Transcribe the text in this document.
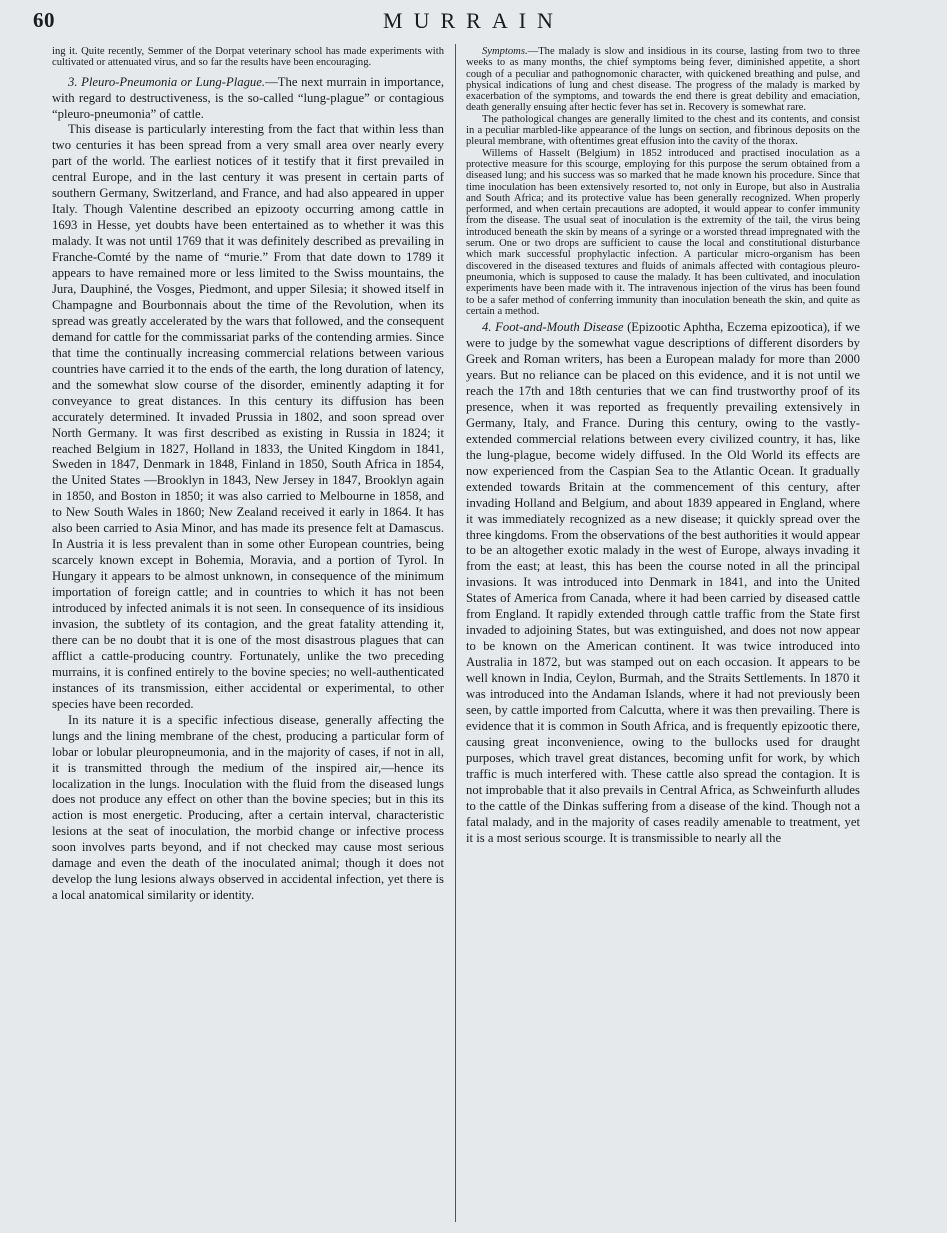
60	MURRAIN

ing it. Quite recently, Semmer of the Dorpat veterinary school has made experiments with cultivated or attenuated virus, and so far the results have been encouraging.

3. Pleuro-Pneumonia or Lung-Plague.—The next murrain in importance, with regard to destructiveness, is the so-called “lung-plague” or contagious “pleuro-pneumonia” of cattle.

This disease is particularly interesting from the fact that within less than two centuries it has been spread from a very small area over nearly every part of the world. The earliest notices of it testify that it first prevailed in central Europe, and in the last century it was present in certain parts of southern Germany, Switzerland, and France, and had also appeared in upper Italy. Though Valentine described an epizooty occurring among cattle in 1693 in Hesse, yet doubts have been entertained as to whether it was this malady. It was not until 1769 that it was definitely described as prevailing in Franche-Comté by the name of “murie.” From that date down to 1789 it appears to have remained more or less limited to the Swiss mountains, the Jura, Dauphiné, the Vosges, Piedmont, and upper Silesia; it showed itself in Champagne and Bourbonnais about the time of the Revolution, when its spread was greatly accelerated by the wars that followed, and the consequent demand for cattle for the commissariat parks of the contending armies. Since that time the continually increasing commercial relations between various countries have carried it to the ends of the earth, the long duration of latency, and the somewhat slow course of the disorder, eminently adapting it for conveyance to great distances. In this century its diffusion has been accurately determined. It invaded Prussia in 1802, and soon spread over North Germany. It was first described as existing in Russia in 1824; it reached Belgium in 1827, Holland in 1833, the United Kingdom in 1841, Sweden in 1847, Denmark in 1848, Finland in 1850, South Africa in 1854, the United States —Brooklyn in 1843, New Jersey in 1847, Brooklyn again in 1850, and Boston in 1850; it was also carried to Melbourne in 1858, and to New South Wales in 1860; New Zealand received it early in 1864. It has also been carried to Asia Minor, and has made its presence felt at Damascus. In Austria it is less prevalent than in some other European countries, being scarcely known except in Bohemia, Moravia, and a portion of Tyrol. In Hungary it appears to be almost unknown, in consequence of the minimum importation of foreign cattle; and in countries to which it has not been introduced by infected animals it is not seen. In consequence of its insidious invasion, the subtlety of its contagion, and the great fatality attending it, there can be no doubt that it is one of the most disastrous plagues that can afflict a cattle-producing country. Fortunately, unlike the two preceding murrains, it is confined entirely to the bovine species; no well-authenticated instances of its transmission, either accidental or experimental, to other species have been recorded.

In its nature it is a specific infectious disease, generally affecting the lungs and the lining membrane of the chest, producing a particular form of lobar or lobular pleuropneumonia, and in the majority of cases, if not in all, it is transmitted through the medium of the inspired air,—hence its localization in the lungs. Inoculation with the fluid from the diseased lungs does not produce any effect on other than the bovine species; but in this its action is most energetic. Producing, after a certain interval, characteristic lesions at the seat of inoculation, the morbid change or infective process soon involves parts beyond, and if not checked may cause most serious damage and even the death of the inoculated animal; though it does not develop the lung lesions always observed in accidental infection, yet there is a local anatomical similarity or identity.

Symptoms.—The malady is slow and insidious in its course, lasting from two to three weeks to as many months, the chief symptoms being fever, diminished appetite, a short cough of a peculiar and pathognomonic character, with quickened breathing and pulse, and physical indications of lung and chest disease. The progress of the malady is marked by exacerbation of the symptoms, and towards the end there is great debility and emaciation, death generally ensuing after hectic fever has set in. Recovery is somewhat rare.

The pathological changes are generally limited to the chest and its contents, and consist in a peculiar marbled-like appearance of the lungs on section, and fibrinous deposits on the pleural membrane, with oftentimes great effusion into the cavity of the thorax.

Willems of Hasselt (Belgium) in 1852 introduced and practised inoculation as a protective measure for this scourge, employing for this purpose the serum obtained from a diseased lung; and his success was so marked that he made known his procedure. Since that time inoculation has been extensively resorted to, not only in Europe, but also in Australia and South Africa; and its protective value has been generally recognized. When properly performed, and when certain precautions are adopted, it would appear to confer immunity from the disease. The usual seat of inoculation is the extremity of the tail, the virus being introduced beneath the skin by means of a syringe or a worsted thread impregnated with the serum. One or two drops are sufficient to cause the local and constitutional disturbance which mark successful prophylactic infection. A particular micro-organism has been discovered in the diseased textures and fluids of animals affected with contagious pleuro-pneumonia, which is supposed to cause the malady. It has been cultivated, and inoculation experiments have been made with it. The intravenous injection of the virus has been found to be a safer method of conferring immunity than inoculation beneath the skin, and quite as certain a method.

4. Foot-and-Mouth Disease (Epizootic Aphtha, Eczema epizootica), if we were to judge by the somewhat vague descriptions of different disorders by Greek and Roman writers, has been a European malady for more than 2000 years. But no reliance can be placed on this evidence, and it is not until we reach the 17th and 18th centuries that we can find trustworthy proof of its presence, when it was reported as frequently prevailing extensively in Germany, Italy, and France. During this century, owing to the vastly-extended commercial relations between every civilized country, it has, like the lung-plague, become widely diffused. In the Old World its effects are now experienced from the Caspian Sea to the Atlantic Ocean. It gradually extended towards Britain at the commencement of this century, after invading Holland and Belgium, and about 1839 appeared in England, where it was immediately recognized as a new disease; it quickly spread over the three kingdoms. From the observations of the best authorities it would appear to be an altogether exotic malady in the west of Europe, always invading it from the east; at least, this has been the course noted in all the principal invasions. It was introduced into Denmark in 1841, and into the United States of America from Canada, where it had been carried by diseased cattle from England. It rapidly extended through cattle traffic from the State first invaded to adjoining States, but was extinguished, and does not now appear to be known on the American continent. It was twice introduced into Australia in 1872, but was stamped out on each occasion. It appears to be well known in India, Ceylon, Burmah, and the Straits Settlements. In 1870 it was introduced into the Andaman Islands, where it had not previously been seen, by cattle imported from Calcutta, where it was then prevailing. There is evidence that it is common in South Africa, and is frequently epizootic there, causing great inconvenience, owing to the bullocks used for draught purposes, which travel great distances, becoming unfit for work, by which traffic is much interfered with. These cattle also spread the contagion. It is not improbable that it also prevails in Central Africa, as Schweinfurth alludes to the cattle of the Dinkas suffering from a disease of the kind. Though not a fatal malady, and in the majority of cases readily amenable to treatment, yet it is a most serious scourge. It is transmissible to nearly all the
